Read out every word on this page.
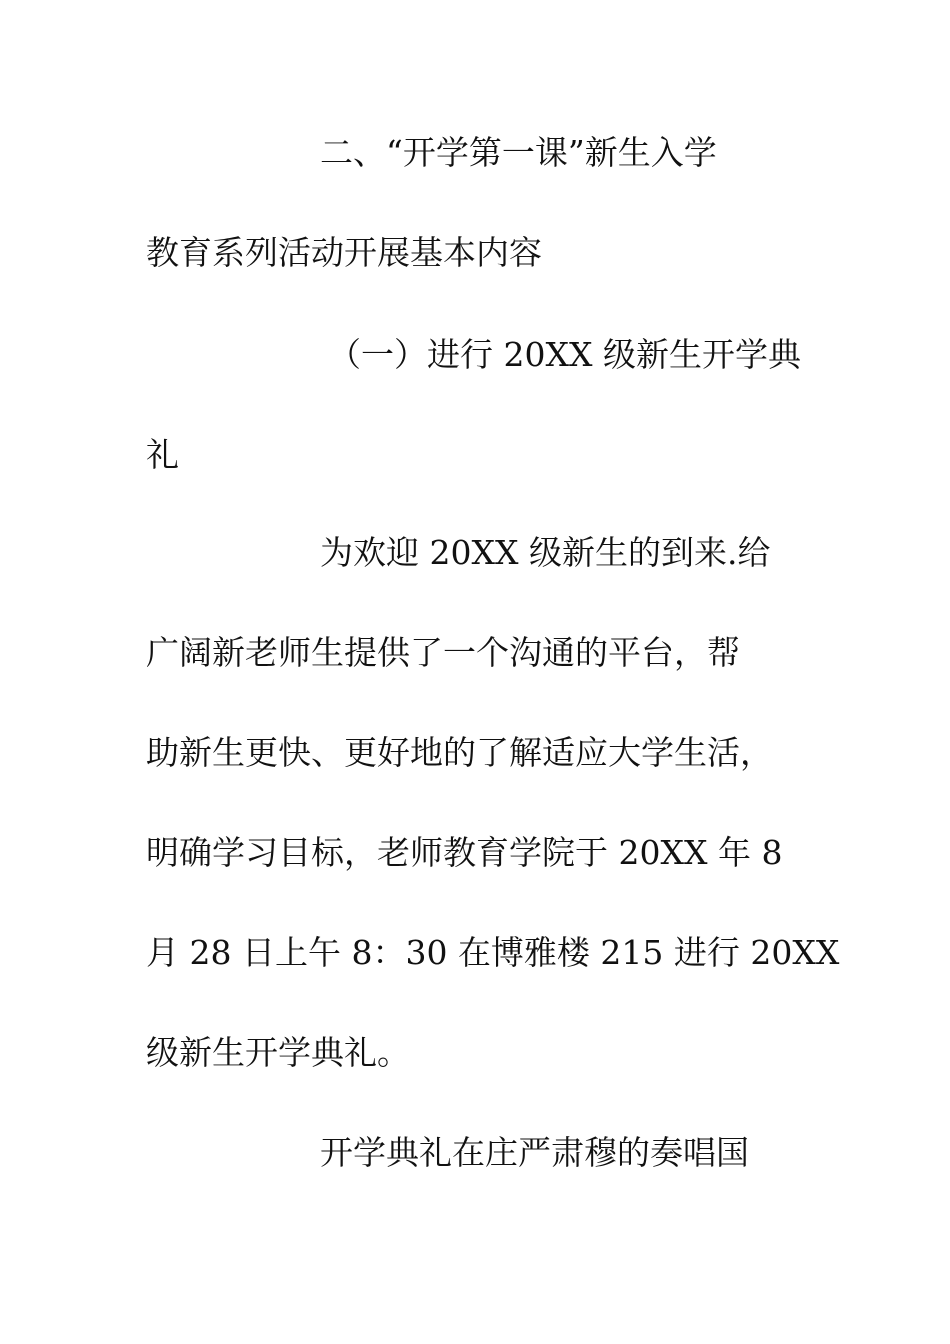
二、“开学第一课”新生入学
教育系列活动开展基本内容
（一）进行 20XX 级新生开学典
礼
为欢迎 20XX 级新生的到来.给
广阔新老师生提供了一个沟通的平台，帮
助新生更快、更好地的了解适应大学生活，
明确学习目标，老师教育学院于 20XX 年 8
月 28 日上午 8：30 在博雅楼 215 进行 20XX
级新生开学典礼。
开学典礼在庄严肃穆的奏唱国
